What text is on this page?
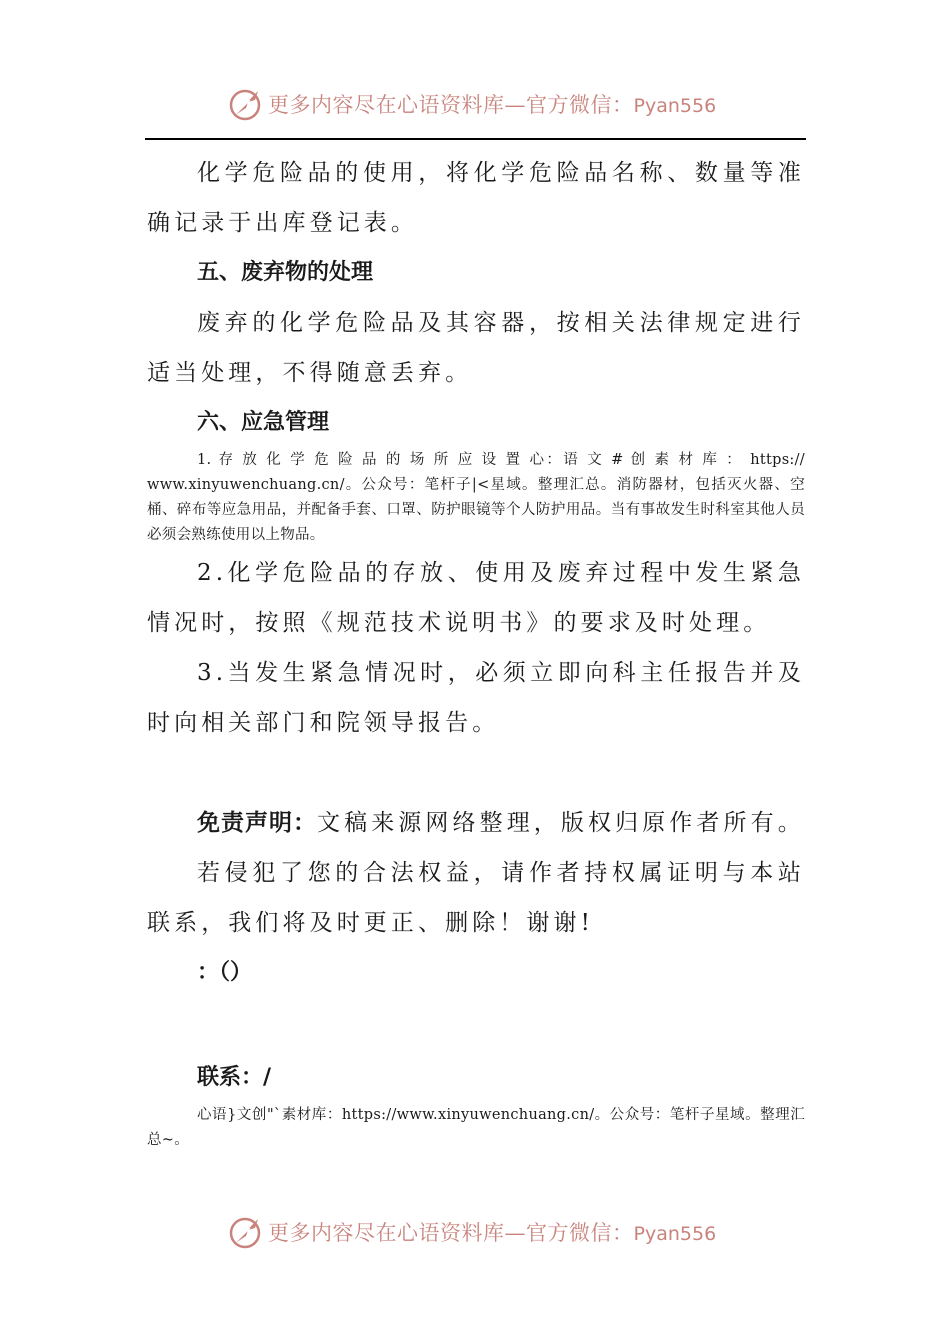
更多内容尽在心语资料库—官方微信：Pyan556

化学危险品的使用，将化学危险品名称、数量等准确记录于出库登记表。

五、废弃物的处理

废弃的化学危险品及其容器，按相关法律规定进行适当处理，不得随意丢弃。

六、应急管理

1. 存 放 化 学 危 险 品 的 场 所 应 设 置 心：语 文 # 创 素 材 库 ： https:// www.xinyuwenchuang.cn/。公众号：笔杆子|<星域。整理汇总。消防器材，包括灭火器、空桶、碎布等应急用品，并配备手套、口罩、防护眼镜等个人防护用品。当有事故发生时科室其他人员必须会熟练使用以上物品。

2.化学危险品的存放、使用及废弃过程中发生紧急情况时，按照《规范技术说明书》的要求及时处理。

3.当发生紧急情况时，必须立即向科主任报告并及时向相关部门和院领导报告。

免责声明：文稿来源网络整理，版权归原作者所有。

若侵犯了您的合法权益，请作者持权属证明与本站联系，我们将及时更正、删除！谢谢!

：（）

联系：/

心语}文创"`素材库：https://www.xinyuwenchuang.cn/。公众号：笔杆子星域。整理汇总~。

更多内容尽在心语资料库—官方微信：Pyan556
